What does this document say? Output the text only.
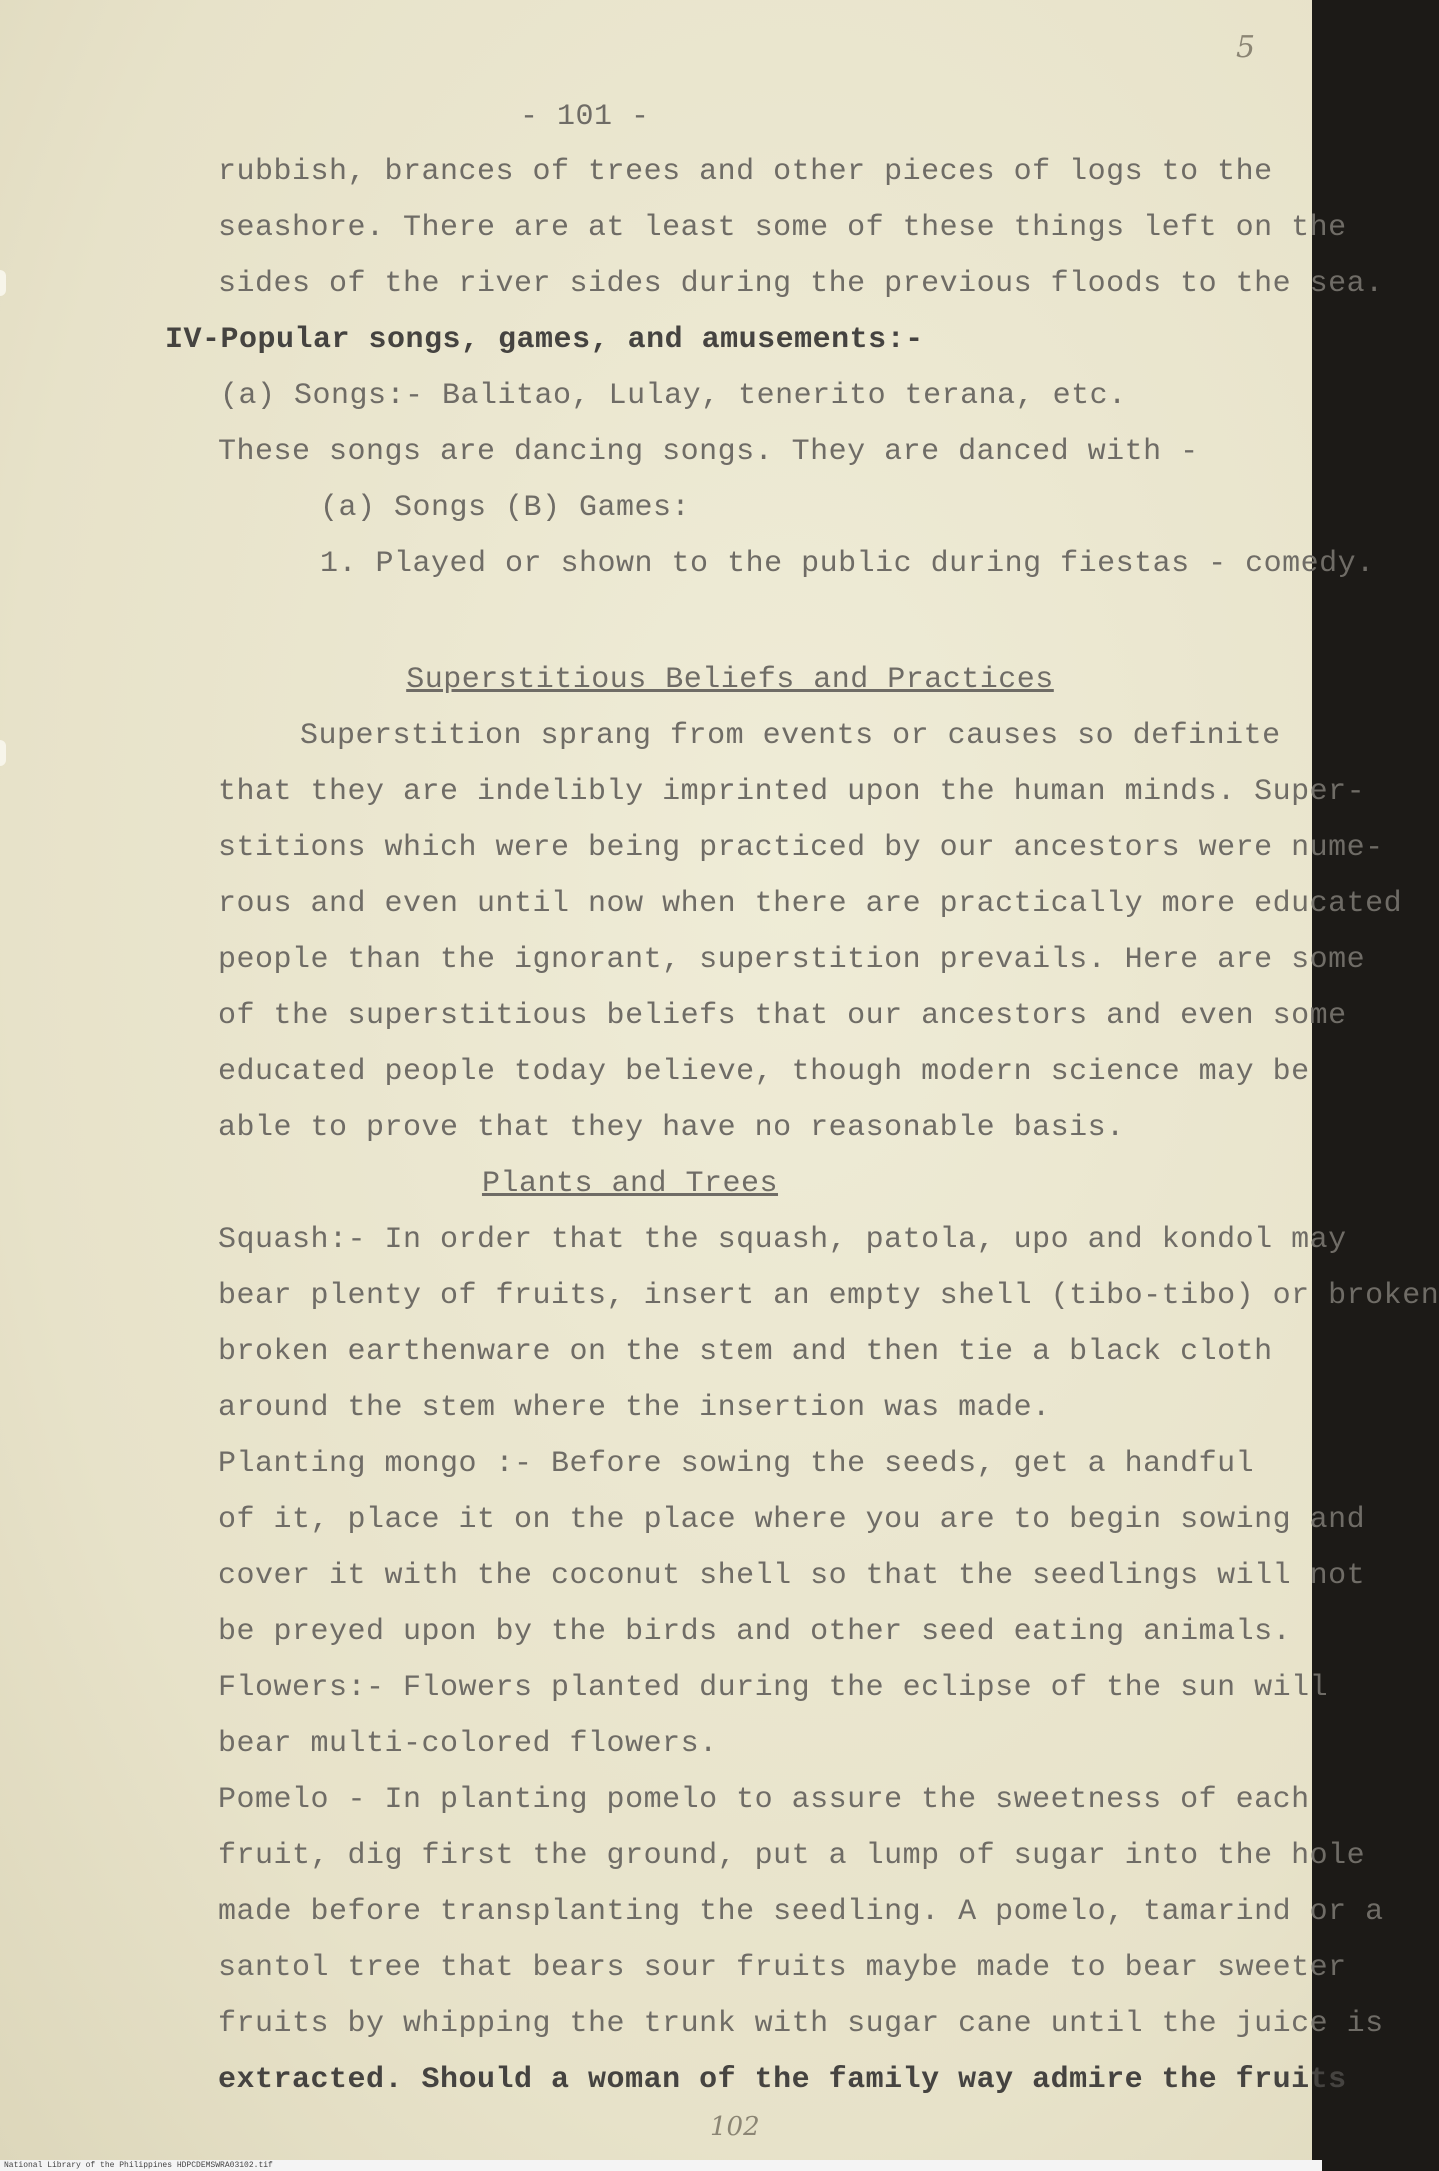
5
- 101 -
rubbish, brances of trees and other pieces of logs to the
seashore. There are at least some of these things left on the
sides of the river sides during the previous floods to the sea.
IV-Popular songs, games, and amusements:-
(a) Songs:- Balitao, Lulay, tenerito terana, etc.
These songs are dancing songs. They are danced with -
(a) Songs (B) Games:
1. Played or shown to the public during fiestas - comedy.
Superstitious Beliefs and Practices
Superstition sprang from events or causes so definite
that they are indelibly imprinted upon the human minds. Super-
stitions which were being practiced by our ancestors were nume-
rous and even until now when there are practically more educated
people than the ignorant, superstition prevails. Here are some
of the superstitious beliefs that our ancestors and even some
educated people today believe, though modern science may be
able to prove that they have no reasonable basis.
Plants and Trees
Squash:- In order that the squash, patola, upo and kondol may
bear plenty of fruits, insert an empty shell (tibo-tibo) or broken
broken earthenware on the stem and then tie a black cloth
around the stem where the insertion was made.
Planting mongo :- Before sowing the seeds, get a handful
of it, place it on the place where you are to begin sowing and
cover it with the coconut shell so that the seedlings will not
be preyed upon by the birds and other seed eating animals.
Flowers:- Flowers planted during the eclipse of the sun will
bear multi-colored flowers.
Pomelo - In planting pomelo to assure the sweetness of each
fruit, dig first the ground, put a lump of sugar into the hole
made before transplanting the seedling. A pomelo, tamarind or a
santol tree that bears sour fruits maybe made to bear sweeter
fruits by whipping the trunk with sugar cane until the juice is
extracted. Should a woman of the family way admire the fruits
102
National Library of the Philippines HDPCDEMSWRA03102.tif
